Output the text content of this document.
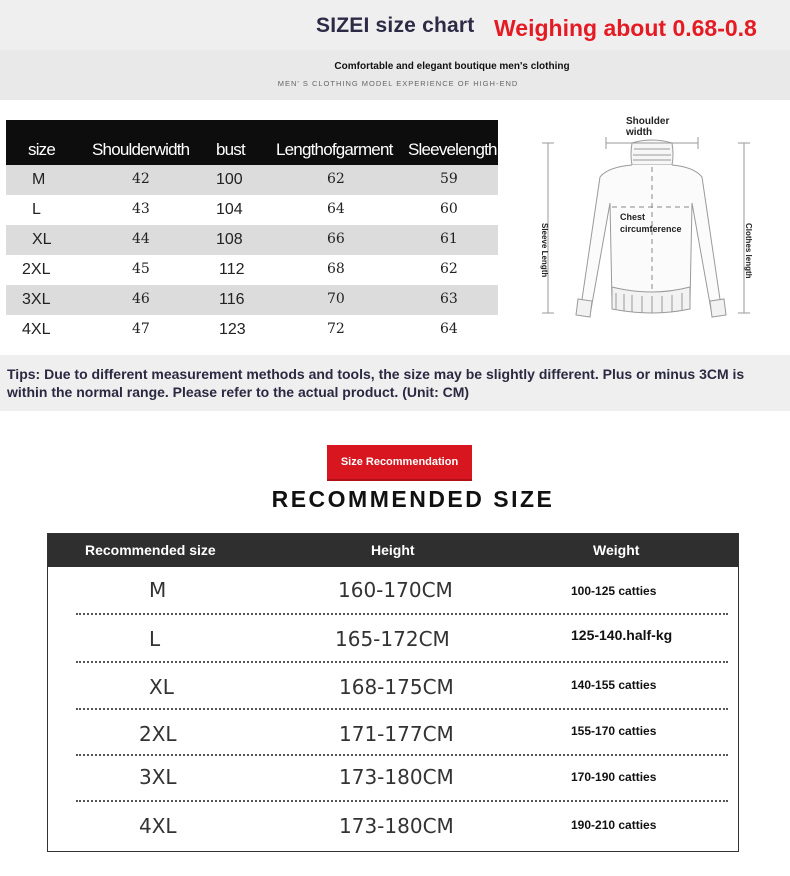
SIZEI size chart Weighing about 0.68-0.8
Comfortable and elegant boutique men's clothing
MEN' S CLOTHING MODEL EXPERIENCE OF HIGH-END
size Shoulderwidth bust Lengthofgarment Sleevelength
M	42	100	62	59
L	43	104	64	60
XL	44	108	66	61
2XL	45	112	68	62
3XL	46	116	70	63
4XL	47	123	72	64
Shoulder
width
Chest
circumference
Sleeve Length	Clothes length
Tips: Due to different measurement methods and tools, the size may be slightly different. Plus or minus 3CM is within the normal range. Please refer to the actual product. (Unit: CM)
Size Recommendation
RECOMMENDED SIZE
Recommended size	Height	Weight
M	160-170CM	100-125 catties
L	165-172CM	125-140.half-kg
XL	168-175CM	140-155 catties
2XL	171-177CM	155-170 catties
3XL	173-180CM	170-190 catties
4XL	173-180CM	190-210 catties
